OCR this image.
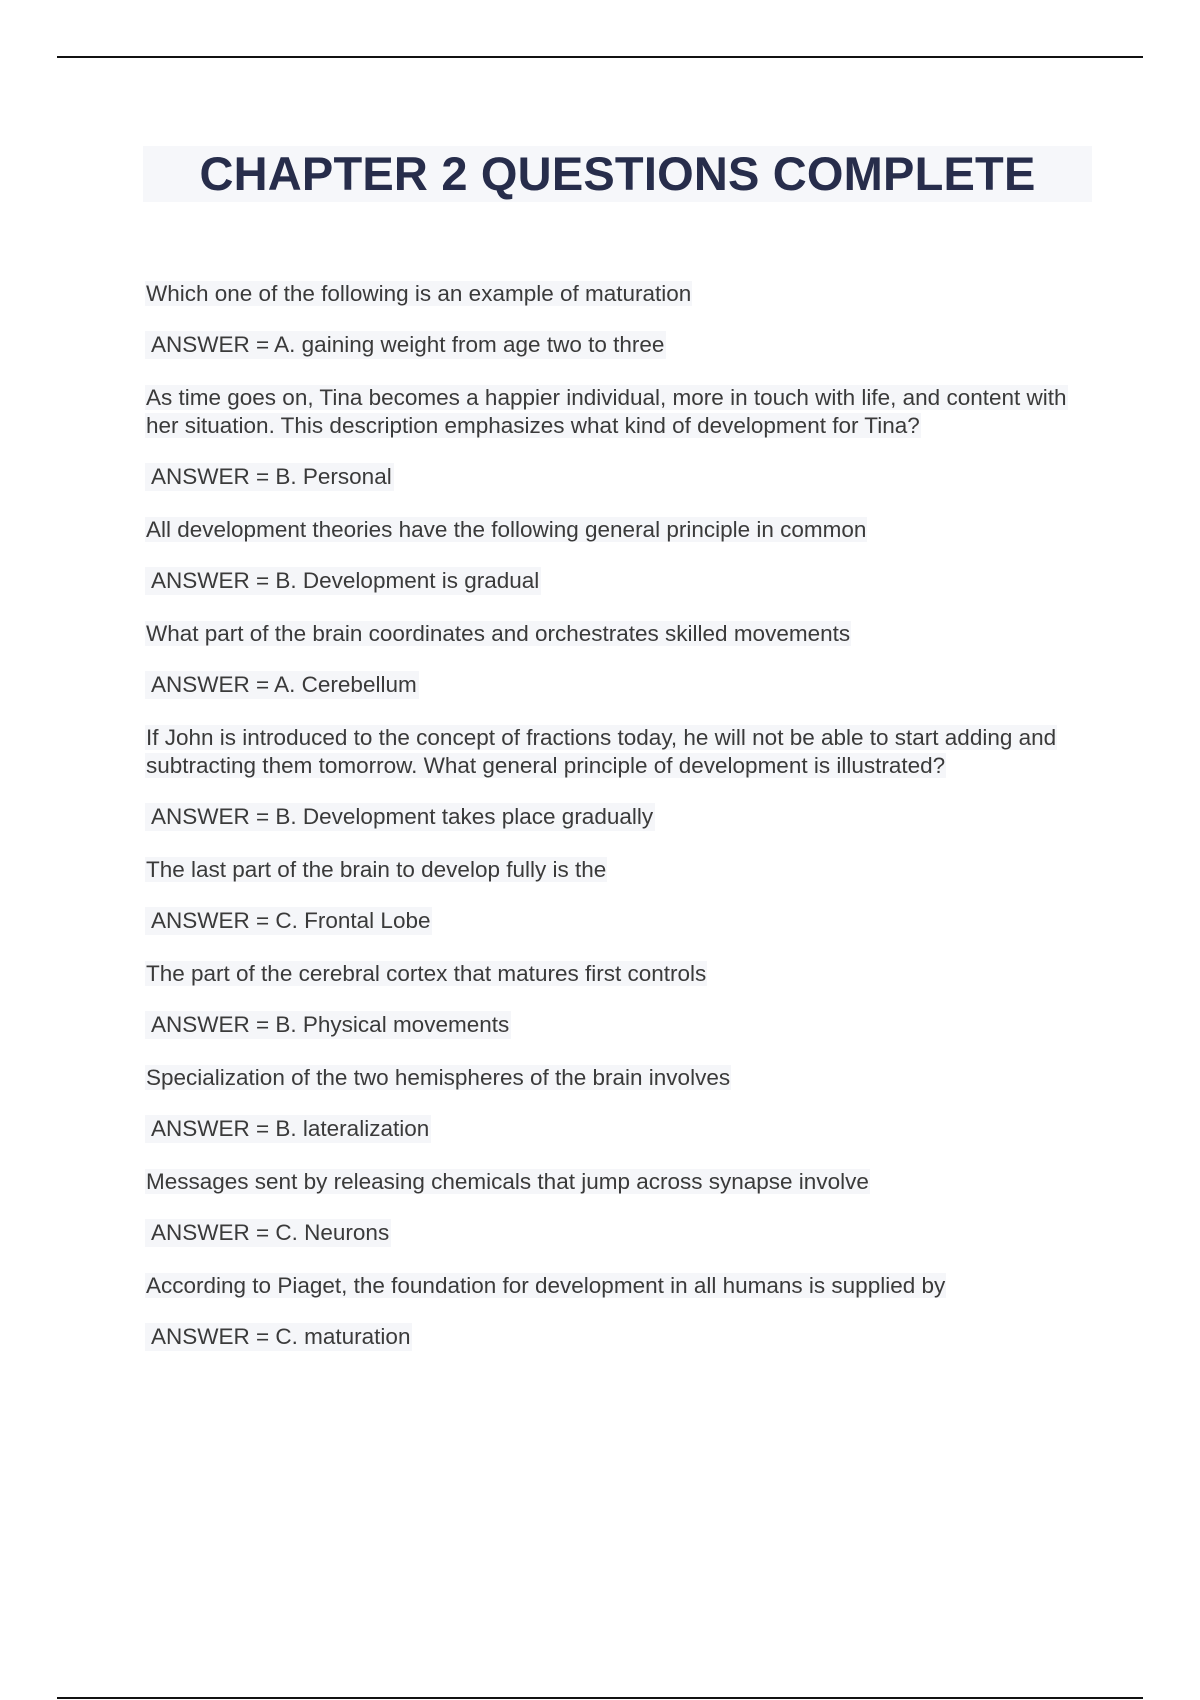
CHAPTER 2 QUESTIONS COMPLETE
Which one of the following is an example of maturation
ANSWER = A. gaining weight from age two to three
As time goes on, Tina becomes a happier individual, more in touch with life, and content with her situation. This description emphasizes what kind of development for Tina?
ANSWER = B. Personal
All development theories have the following general principle in common
ANSWER = B. Development is gradual
What part of the brain coordinates and orchestrates skilled movements
ANSWER = A. Cerebellum
If John is introduced to the concept of fractions today, he will not be able to start adding and subtracting them tomorrow. What general principle of development is illustrated?
ANSWER = B. Development takes place gradually
The last part of the brain to develop fully is the
ANSWER = C. Frontal Lobe
The part of the cerebral cortex that matures first controls
ANSWER = B. Physical movements
Specialization of the two hemispheres of the brain involves
ANSWER = B. lateralization
Messages sent by releasing chemicals that jump across synapse involve
ANSWER = C. Neurons
According to Piaget, the foundation for development in all humans is supplied by
ANSWER = C. maturation
